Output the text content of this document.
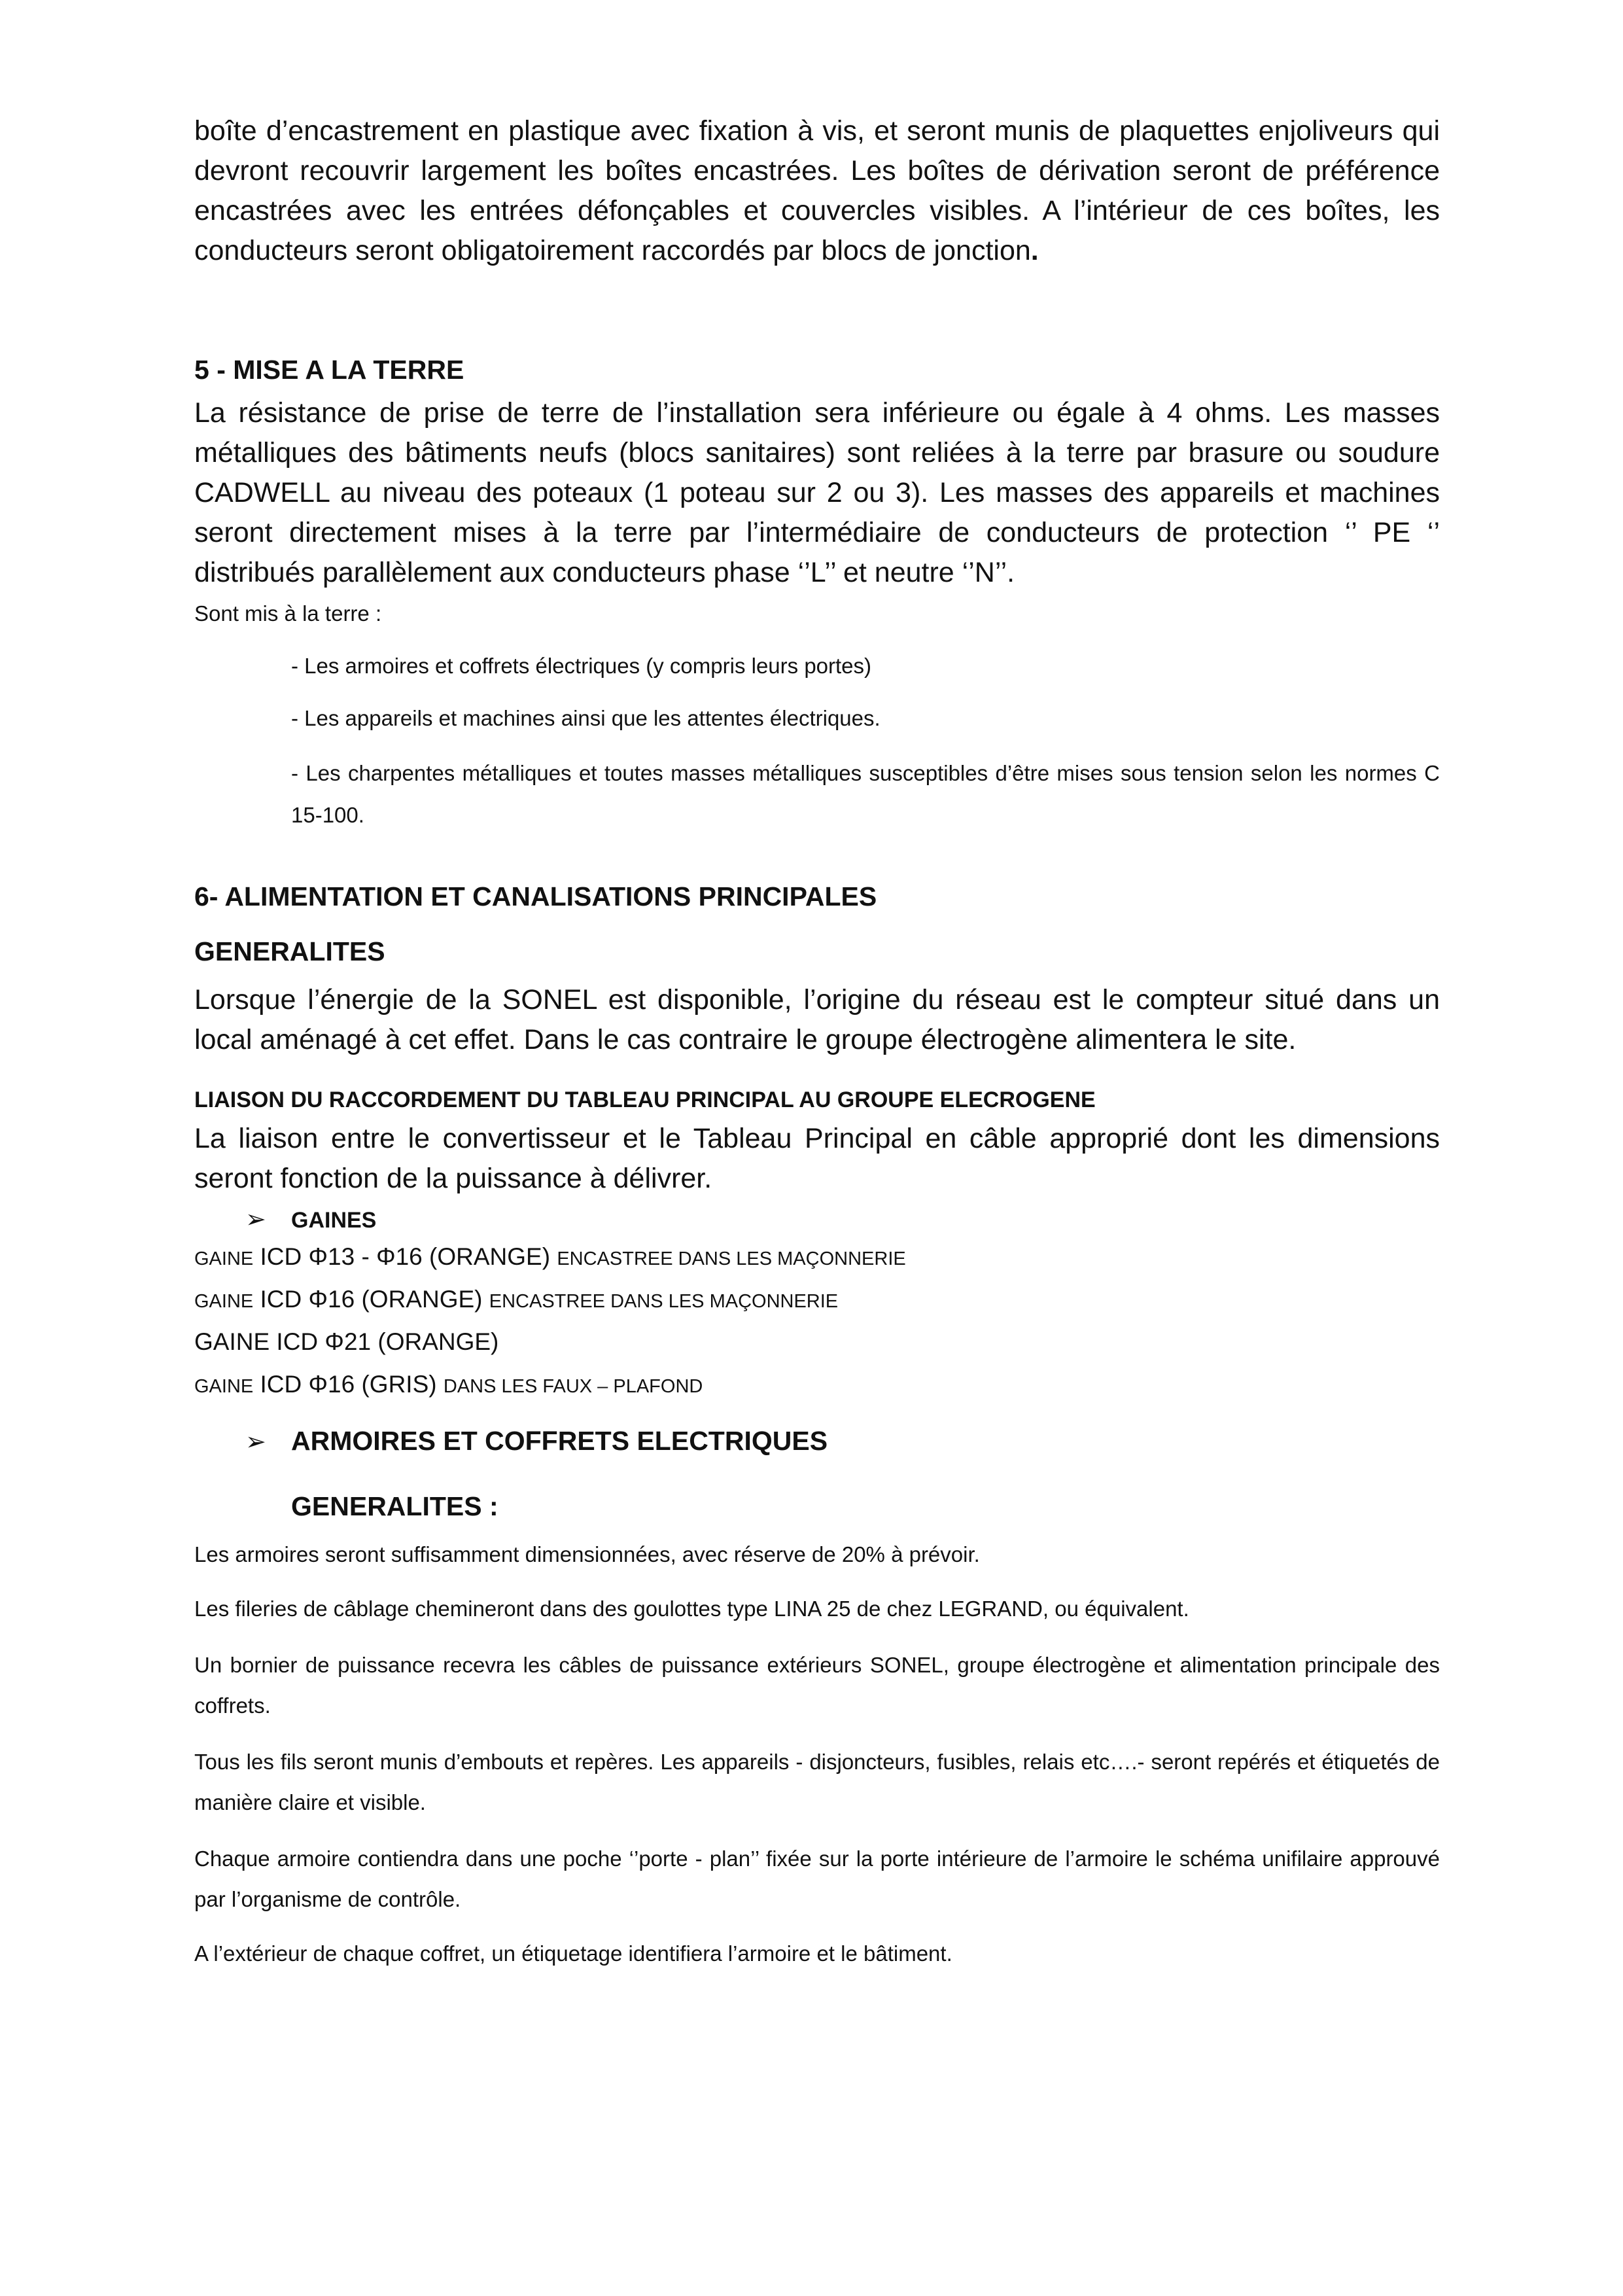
boîte d’encastrement en plastique avec fixation à vis, et seront munis de plaquettes enjoliveurs qui devront recouvrir largement les boîtes encastrées. Les boîtes de dérivation seront de préférence encastrées avec les entrées défonçables et couvercles visibles. A l’intérieur de ces boîtes, les conducteurs seront obligatoirement raccordés par blocs de jonction.

5 - MISE A LA TERRE

La résistance de prise de terre de l’installation sera inférieure ou égale à 4 ohms. Les masses métalliques des bâtiments neufs (blocs sanitaires) sont reliées à la terre par brasure ou soudure CADWELL au niveau des poteaux (1 poteau sur 2 ou 3). Les masses des appareils et machines seront directement mises à la terre par l’intermédiaire de conducteurs de protection ‘’ PE ‘’ distribués parallèlement aux conducteurs phase ‘’L’’ et neutre ‘’N’’.

Sont mis à la terre :

- Les armoires et coffrets électriques (y compris leurs portes)

- Les appareils et machines ainsi que les attentes électriques.

- Les charpentes métalliques et toutes masses métalliques susceptibles d’être mises sous tension selon les normes C 15-100.

6- ALIMENTATION ET CANALISATIONS PRINCIPALES

GENERALITES

Lorsque l’énergie de la SONEL est disponible, l’origine du réseau est le compteur situé dans un local aménagé à cet effet. Dans le cas contraire le groupe électrogène alimentera le site.

LIAISON DU RACCORDEMENT DU TABLEAU PRINCIPAL AU GROUPE ELECROGENE

La liaison entre le convertisseur et le Tableau Principal en câble approprié dont les dimensions seront fonction de la puissance à délivrer.

➢	GAINES

GAINE ICD Φ13 - Φ16 (ORANGE) ENCASTREE DANS LES MAÇONNERIE

GAINE ICD Φ16 (ORANGE) ENCASTREE DANS LES MAÇONNERIE

GAINE ICD Φ21 (ORANGE)

GAINE ICD Φ16 (GRIS) DANS LES FAUX – PLAFOND

➢ ARMOIRES ET COFFRETS ELECTRIQUES

GENERALITES :

Les armoires seront suffisamment dimensionnées, avec réserve de 20% à prévoir.

Les fileries de câblage chemineront dans des goulottes type LINA 25 de chez LEGRAND, ou équivalent.

Un bornier de puissance recevra les câbles de puissance extérieurs SONEL, groupe électrogène et alimentation principale des coffrets.

Tous les fils seront munis d’embouts et repères. Les appareils - disjoncteurs, fusibles, relais etc….- seront repérés et étiquetés de manière claire et visible.

Chaque armoire contiendra dans une poche ‘’porte - plan’’ fixée sur la porte intérieure de l’armoire le schéma unifilaire approuvé par l’organisme de contrôle.

A l’extérieur de chaque coffret, un étiquetage identifiera l’armoire et le bâtiment.
